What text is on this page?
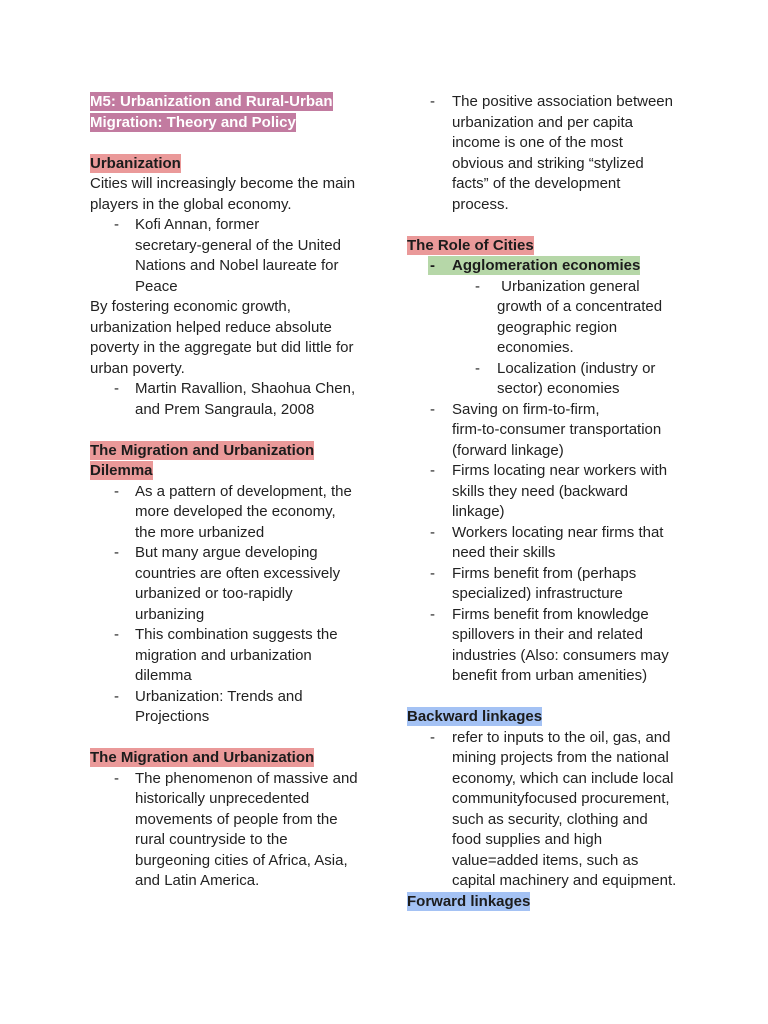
M5: Urbanization and Rural-Urban
Migration: Theory and Policy
Urbanization
Cities will increasingly become the main
players in the global economy.
- Kofi Annan, former
secretary-general of the United
Nations and Nobel laureate for
Peace
By fostering economic growth,
urbanization helped reduce absolute
poverty in the aggregate but did little for
urban poverty.
- Martin Ravallion, Shaohua Chen,
and Prem Sangraula, 2008
The Migration and Urbanization
Dilemma
- As a pattern of development, the
more developed the economy,
the more urbanized
- But many argue developing
countries are often excessively
urbanized or too-rapidly
urbanizing
- This combination suggests the
migration and urbanization
dilemma
- Urbanization: Trends and
Projections
The Migration and Urbanization
- The phenomenon of massive and
historically unprecedented
movements of people from the
rural countryside to the
burgeoning cities of Africa, Asia,
and Latin America.
- The positive association between
urbanization and per capita
income is one of the most
obvious and striking “stylized
facts” of the development
process.
The Role of Cities
- Agglomeration economies
- Urbanization general
growth of a concentrated
geographic region
economies.
- Localization (industry or
sector) economies
- Saving on firm-to-firm,
firm-to-consumer transportation
(forward linkage)
- Firms locating near workers with
skills they need (backward
linkage)
- Workers locating near firms that
need their skills
- Firms benefit from (perhaps
specialized) infrastructure
- Firms benefit from knowledge
spillovers in their and related
industries (Also: consumers may
benefit from urban amenities)
Backward linkages
- refer to inputs to the oil, gas, and
mining projects from the national
economy, which can include local
communityfocused procurement,
such as security, clothing and
food supplies and high
value=added items, such as
capital machinery and equipment.
Forward linkages
